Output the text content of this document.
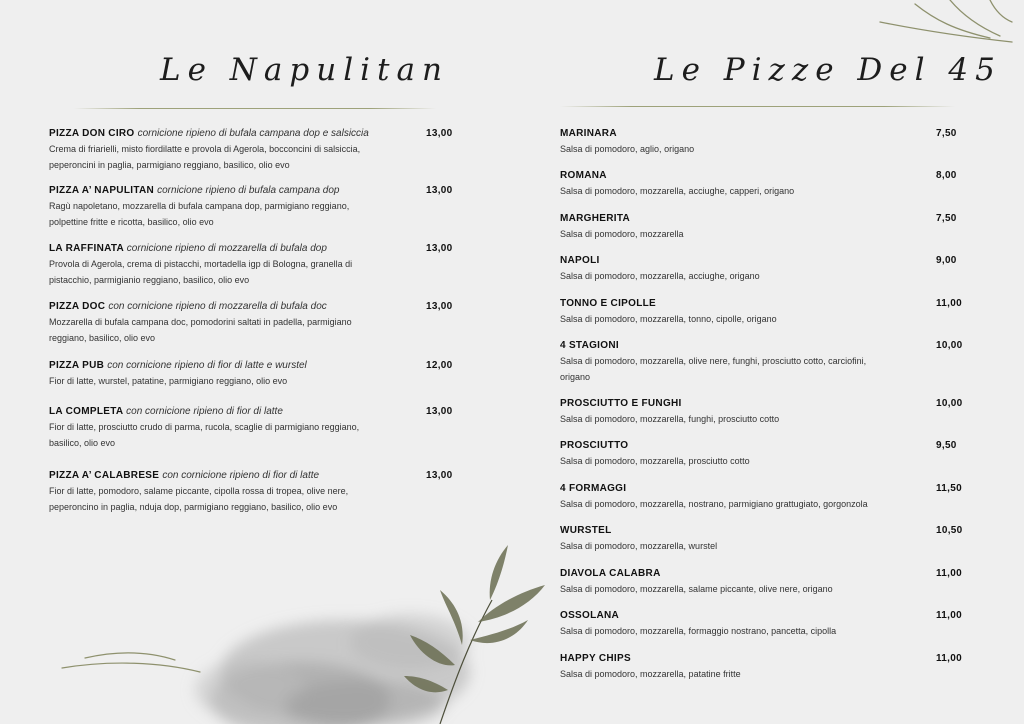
Le Napulitan	Le Pizze Del 45
PIZZA DON CIRO cornicione ripieno di bufala campana dop e salsiccia	13,00
Crema di friarielli, misto fiordilatte e provola di Agerola, bocconcini di salsiccia,
peperoncini in paglia, parmigiano reggiano, basilico, olio evo
PIZZA A’ NAPULITAN cornicione ripieno di bufala campana dop	13,00
Ragù napoletano, mozzarella di bufala campana dop, parmigiano reggiano,
polpettine fritte e ricotta, basilico, olio evo
LA RAFFINATA cornicione ripieno di mozzarella di bufala dop	13,00
Provola di Agerola, crema di pistacchi, mortadella igp di Bologna, granella di
pistacchio, parmigianio reggiano, basilico, olio evo
PIZZA DOC con cornicione ripieno di mozzarella di bufala doc	13,00
Mozzarella di bufala campana doc, pomodorini saltati in padella, parmigiano
reggiano, basilico, olio evo
PIZZA PUB con cornicione ripieno di fior di latte e wurstel	12,00
Fior di latte, wurstel, patatine, parmigiano reggiano, olio evo
LA COMPLETA con cornicione ripieno di fior di latte	13,00
Fior di latte, prosciutto crudo di parma, rucola, scaglie di parmigiano reggiano,
basilico, olio evo
PIZZA A’ CALABRESE con cornicione ripieno di fior di latte	13,00
Fior di latte, pomodoro, salame piccante, cipolla rossa di tropea, olive nere,
peperoncino in paglia, nduja dop, parmigiano reggiano, basilico, olio evo
MARINARA	7,50
Salsa di pomodoro, aglio, origano
ROMANA	8,00
Salsa di pomodoro, mozzarella, acciughe, capperi, origano
MARGHERITA	7,50
Salsa di pomodoro, mozzarella
NAPOLI	9,00
Salsa di pomodoro, mozzarella, acciughe, origano
TONNO E CIPOLLE	11,00
Salsa di pomodoro, mozzarella, tonno, cipolle, origano
4 STAGIONI	10,00
Salsa di pomodoro, mozzarella, olive nere, funghi, prosciutto cotto, carciofini,
origano
PROSCIUTTO E FUNGHI	10,00
Salsa di pomodoro, mozzarella, funghi, prosciutto cotto
PROSCIUTTO	9,50
Salsa di pomodoro, mozzarella, prosciutto cotto
4 FORMAGGI	11,50
Salsa di pomodoro, mozzarella, nostrano, parmigiano grattugiato, gorgonzola
WURSTEL	10,50
Salsa di pomodoro, mozzarella, wurstel
DIAVOLA CALABRA	11,00
Salsa di pomodoro, mozzarella, salame piccante, olive nere, origano
OSSOLANA	11,00
Salsa di pomodoro, mozzarella, formaggio nostrano, pancetta, cipolla
HAPPY CHIPS	11,00
Salsa di pomodoro, mozzarella, patatine fritte
